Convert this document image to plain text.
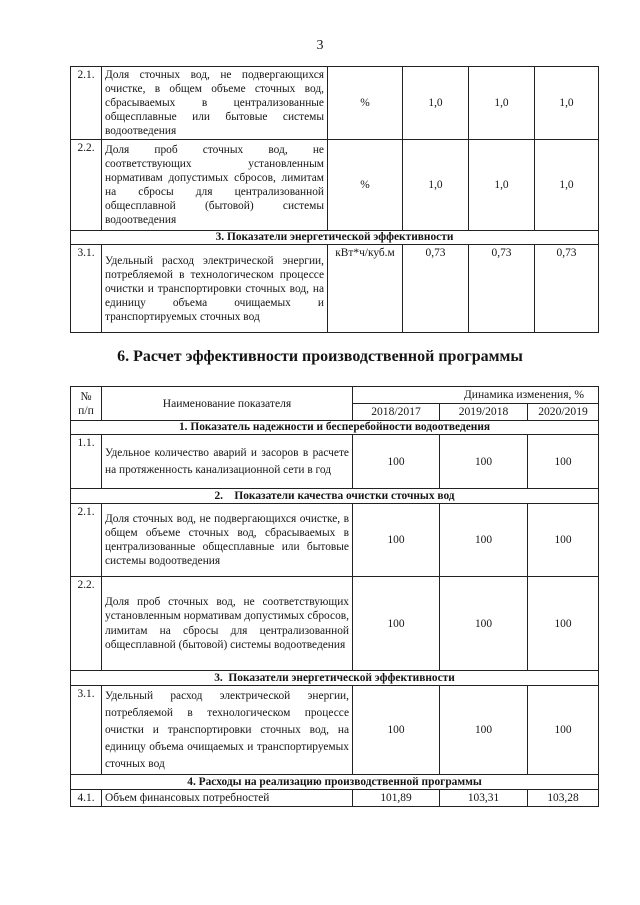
3
2.1.	Доля сточных вод, не подвергающихся очистке, в общем объеме сточных вод, сбрасываемых в централизованные общесплавные или бытовые системы водоотведения	%	1,0	1,0	1,0
2.2.	Доля проб сточных вод, не соответствующих установленным нормативам допустимых сбросов, лимитам на сбросы для централизованной общесплавной (бытовой) системы водоотведения	%	1,0	1,0	1,0
3. Показатели энергетической эффективности					
3.1.	Удельный расход электрической энергии, потребляемой в технологическом процессе очистки и транспортировки сточных вод, на единицу объема очищаемых и транспортируемых сточных вод	кВт*ч/куб.м	0,73	0,73	0,73
6. Расчет эффективности производственной программы
№
п/п	Наименование показателя	Динамика изменения, %		
		2018/2017	2019/2018	2020/2019
1. Показатель надежности и бесперебойности водоотведения				
1.1.	Удельное количество аварий и засоров в расчете на протяженность канализационной сети в год	100	100	100
2.    Показатели качества очистки сточных вод				
2.1.	Доля сточных вод, не подвергающихся очистке, в общем объеме сточных вод, сбрасываемых в централизованные общесплавные или бытовые системы водоотведения	100	100	100
2.2.	Доля проб сточных вод, не соответствующих установленным нормативам допустимых сбросов, лимитам на сбросы для централизованной общесплавной (бытовой) системы водоотведения	100	100	100
3.  Показатели энергетической эффективности				
3.1.	Удельный расход электрической энергии, потребляемой в технологическом процессе очистки и транспортировки сточных вод, на единицу объема очищаемых и транспортируемых сточных вод	100	100	100
4. Расходы на реализацию производственной программы				
4.1.	Объем финансовых потребностей	101,89	103,31	103,28
